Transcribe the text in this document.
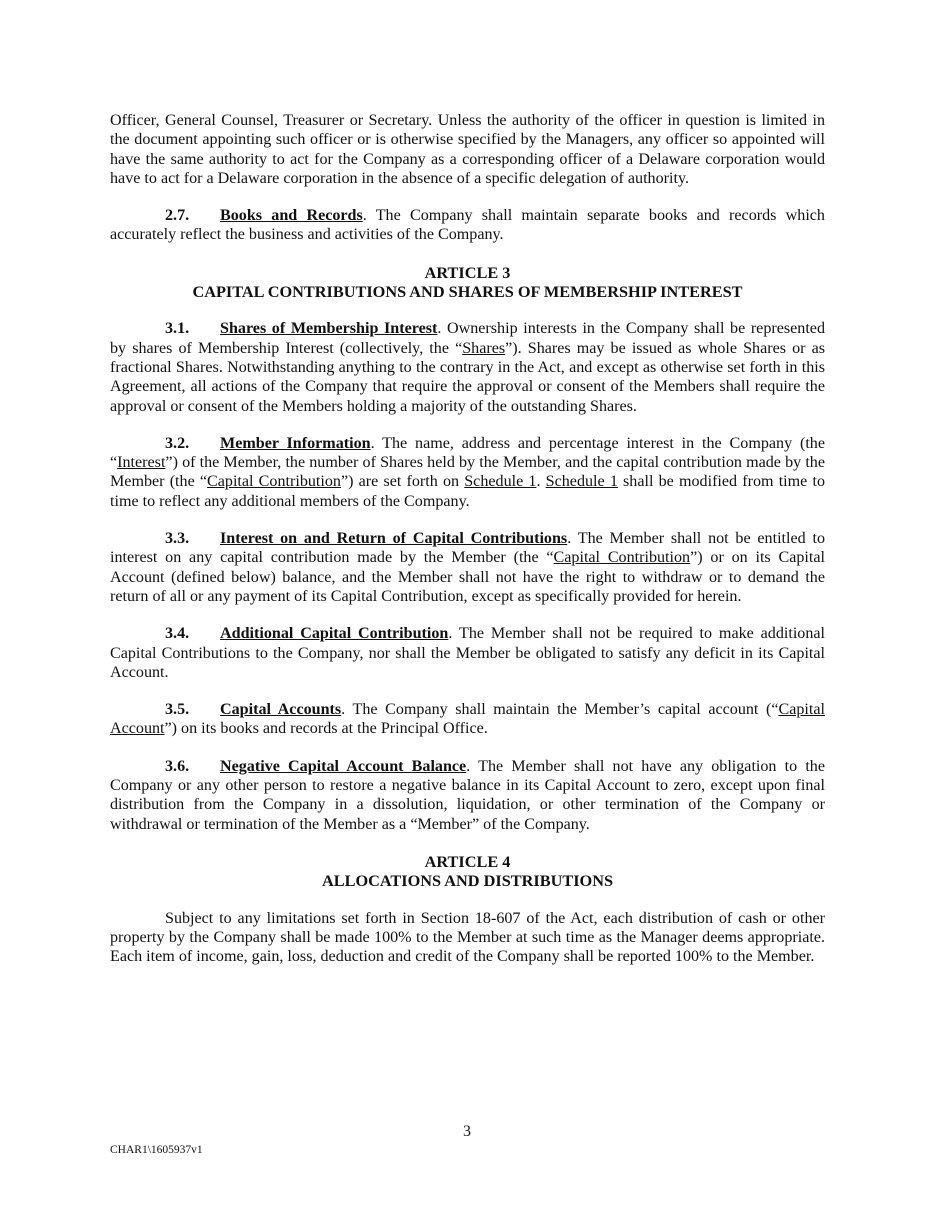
Officer, General Counsel, Treasurer or Secretary. Unless the authority of the officer in question is limited in the document appointing such officer or is otherwise specified by the Managers, any officer so appointed will have the same authority to act for the Company as a corresponding officer of a Delaware corporation would have to act for a Delaware corporation in the absence of a specific delegation of authority.

2.7. Books and Records. The Company shall maintain separate books and records which accurately reflect the business and activities of the Company.

ARTICLE 3
CAPITAL CONTRIBUTIONS AND SHARES OF MEMBERSHIP INTEREST

3.1. Shares of Membership Interest. Ownership interests in the Company shall be represented by shares of Membership Interest (collectively, the “Shares”). Shares may be issued as whole Shares or as fractional Shares. Notwithstanding anything to the contrary in the Act, and except as otherwise set forth in this Agreement, all actions of the Company that require the approval or consent of the Members shall require the approval or consent of the Members holding a majority of the outstanding Shares.

3.2. Member Information. The name, address and percentage interest in the Company (the “Interest”) of the Member, the number of Shares held by the Member, and the capital contribution made by the Member (the “Capital Contribution”) are set forth on Schedule 1. Schedule 1 shall be modified from time to time to reflect any additional members of the Company.

3.3. Interest on and Return of Capital Contributions. The Member shall not be entitled to interest on any capital contribution made by the Member (the “Capital Contribution”) or on its Capital Account (defined below) balance, and the Member shall not have the right to withdraw or to demand the return of all or any payment of its Capital Contribution, except as specifically provided for herein.

3.4. Additional Capital Contribution. The Member shall not be required to make additional Capital Contributions to the Company, nor shall the Member be obligated to satisfy any deficit in its Capital Account.

3.5. Capital Accounts. The Company shall maintain the Member’s capital account (“Capital Account”) on its books and records at the Principal Office.

3.6. Negative Capital Account Balance. The Member shall not have any obligation to the Company or any other person to restore a negative balance in its Capital Account to zero, except upon final distribution from the Company in a dissolution, liquidation, or other termination of the Company or withdrawal or termination of the Member as a “Member” of the Company.

ARTICLE 4
ALLOCATIONS AND DISTRIBUTIONS

Subject to any limitations set forth in Section 18-607 of the Act, each distribution of cash or other property by the Company shall be made 100% to the Member at such time as the Manager deems appropriate. Each item of income, gain, loss, deduction and credit of the Company shall be reported 100% to the Member.

3
CHAR1\1605937v1
